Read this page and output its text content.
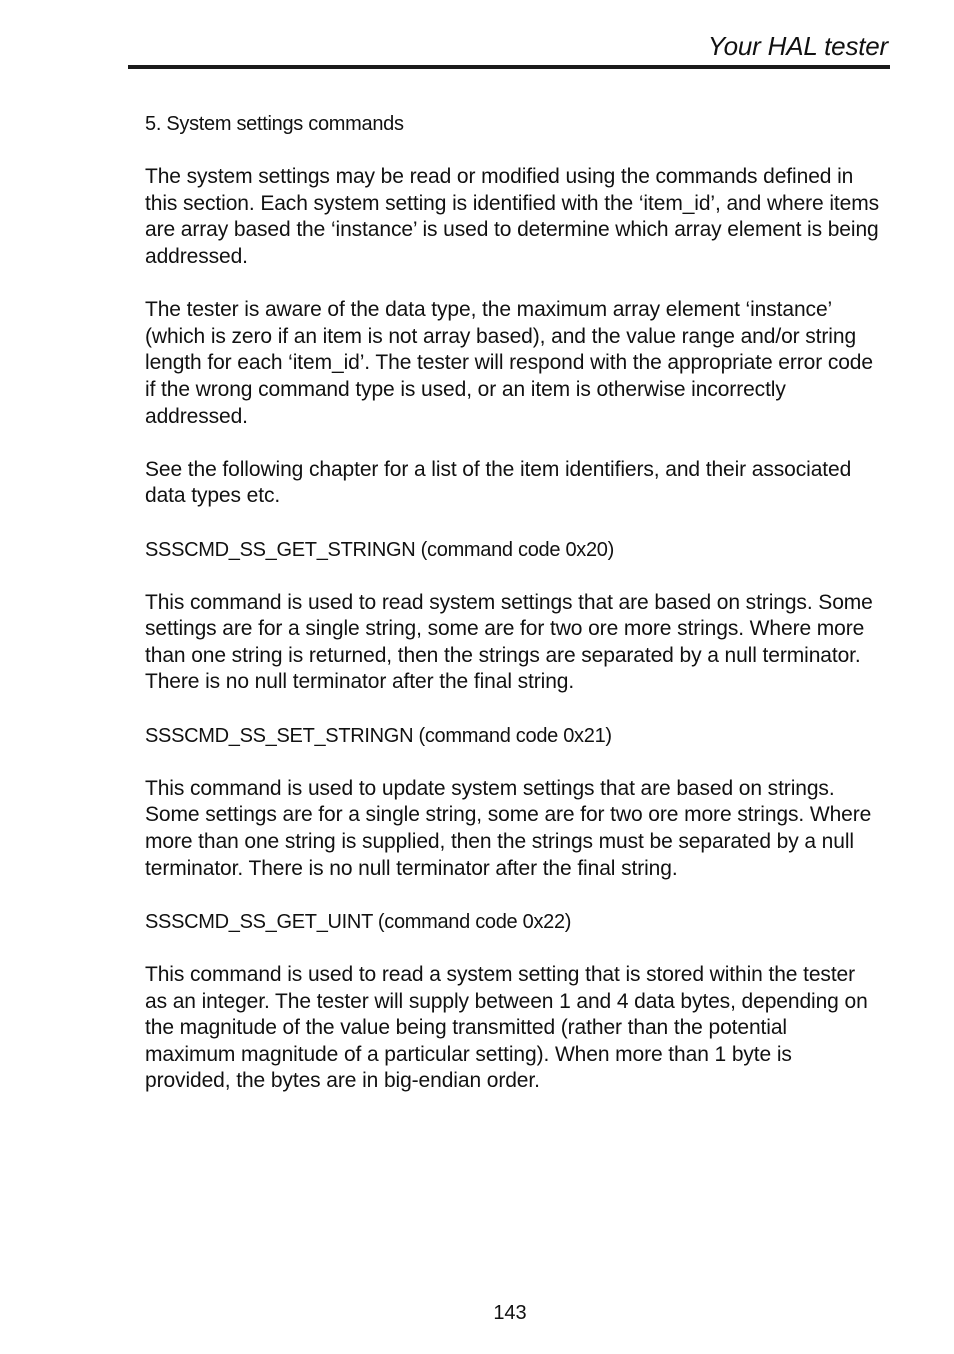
Your HAL tester

5. System settings commands

The system settings may be read or modified using the commands defined in this section. Each system setting is identified with the ‘item_id’, and where items are array based the ‘instance’ is used to determine which array element is being addressed.

The tester is aware of the data type, the maximum array element ‘instance’ (which is zero if an item is not array based), and the value range and/or string length for each ‘item_id’. The tester will respond with the appropriate error code if the wrong command type is used, or an item is otherwise incorrectly addressed.

See the following chapter for a list of the item identifiers, and their associated data types etc.

SSSCMD_SS_GET_STRINGN (command code 0x20)

This command is used to read system settings that are based on strings. Some settings are for a single string, some are for two ore more strings. Where more than one string is returned, then the strings are separated by a null terminator. There is no null terminator after the final string.

SSSCMD_SS_SET_STRINGN (command code 0x21)

This command is used to update system settings that are based on strings. Some settings are for a single string, some are for two ore more strings. Where more than one string is supplied, then the strings must be separated by a null terminator. There is no null terminator after the final string.

SSSCMD_SS_GET_UINT (command code 0x22)

This command is used to read a system setting that is stored within the tester as an integer. The tester will supply between 1 and 4 data bytes, depending on the magnitude of the value being transmitted (rather than the potential maximum magnitude of a particular setting). When more than 1 byte is provided, the bytes are in big-endian order.

143
